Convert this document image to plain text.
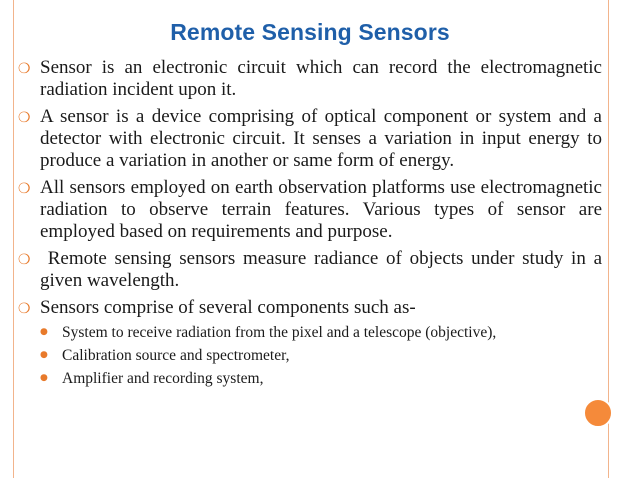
Remote Sensing Sensors
❍ Sensor is an electronic circuit which can record the electromagnetic radiation incident upon it.
❍ A sensor is a device comprising of optical component or system and a detector with electronic circuit. It senses a variation in input energy to produce a variation in another or same form of energy.
❍ All sensors employed on earth observation platforms use electromagnetic radiation to observe terrain features. Various types of sensor are employed based on requirements and purpose.
❍ Remote sensing sensors measure radiance of objects under study in a given wavelength.
❍ Sensors comprise of several components such as-
● System to receive radiation from the pixel and a telescope (objective),
● Calibration source and spectrometer,
● Amplifier and recording system,
